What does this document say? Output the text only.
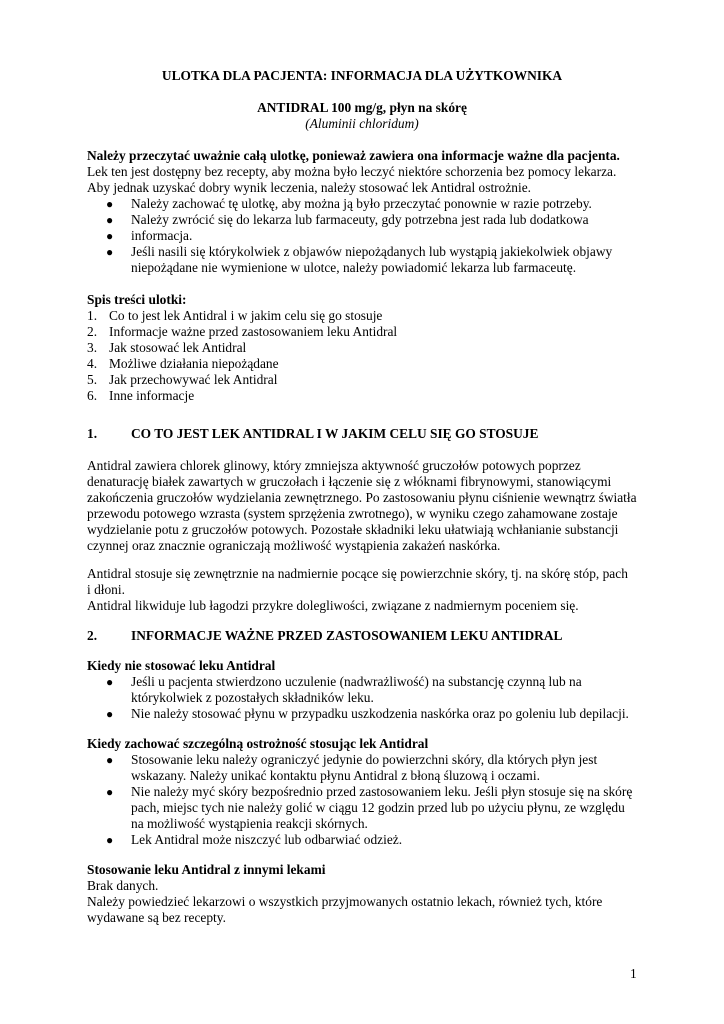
ULOTKA DLA PACJENTA: INFORMACJA DLA UŻYTKOWNIKA
ANTIDRAL 100 mg/g, płyn na skórę
(Aluminii chloridum)
Należy przeczytać uważnie całą ulotkę, ponieważ zawiera ona informacje ważne dla pacjenta.
Lek ten jest dostępny bez recepty, aby można było leczyć niektóre schorzenia bez pomocy lekarza.
Aby jednak uzyskać dobry wynik leczenia, należy stosować lek Antidral ostrożnie.
● Należy zachować tę ulotkę, aby można ją było przeczytać ponownie w razie potrzeby.
● Należy zwrócić się do lekarza lub farmaceuty, gdy potrzebna jest rada lub dodatkowa
● informacja.
● Jeśli nasili się którykolwiek z objawów niepożądanych lub wystąpią jakiekolwiek objawy
niepożądane nie wymienione w ulotce, należy powiadomić lekarza lub farmaceutę.
Spis treści ulotki:
1. Co to jest lek Antidral i w jakim celu się go stosuje
2. Informacje ważne przed zastosowaniem leku Antidral
3. Jak stosować lek Antidral
4. Możliwe działania niepożądane
5. Jak przechowywać lek Antidral
6. Inne informacje
1.	CO TO JEST LEK ANTIDRAL I W JAKIM CELU SIĘ GO STOSUJE
Antidral zawiera chlorek glinowy, który zmniejsza aktywność gruczołów potowych poprzez
denaturację białek zawartych w gruczołach i łączenie się z włóknami fibrynowymi, stanowiącymi
zakończenia gruczołów wydzielania zewnętrznego. Po zastosowaniu płynu ciśnienie wewnątrz światła
przewodu potowego wzrasta (system sprzężenia zwrotnego), w wyniku czego zahamowane zostaje
wydzielanie potu z gruczołów potowych. Pozostałe składniki leku ułatwiają wchłanianie substancji
czynnej oraz znacznie ograniczają możliwość wystąpienia zakażeń naskórka.
Antidral stosuje się zewnętrznie na nadmiernie pocące się powierzchnie skóry, tj. na skórę stóp, pach
i dłoni.
Antidral likwiduje lub łagodzi przykre dolegliwości, związane z nadmiernym poceniem się.
2.	INFORMACJE WAŻNE PRZED ZASTOSOWANIEM LEKU ANTIDRAL
Kiedy nie stosować leku Antidral
● Jeśli u pacjenta stwierdzono uczulenie (nadwrażliwość) na substancję czynną lub na
którykolwiek z pozostałych składników leku.
● Nie należy stosować płynu w przypadku uszkodzenia naskórka oraz po goleniu lub depilacji.
Kiedy zachować szczególną ostrożność stosując lek Antidral
● Stosowanie leku należy ograniczyć jedynie do powierzchni skóry, dla których płyn jest
wskazany. Należy unikać kontaktu płynu Antidral z błoną śluzową i oczami.
● Nie należy myć skóry bezpośrednio przed zastosowaniem leku. Jeśli płyn stosuje się na skórę
pach, miejsc tych nie należy golić w ciągu 12 godzin przed lub po użyciu płynu, ze względu
na możliwość wystąpienia reakcji skórnych.
● Lek Antidral może niszczyć lub odbarwiać odzież.
Stosowanie leku Antidral z innymi lekami
Brak danych.
Należy powiedzieć lekarzowi o wszystkich przyjmowanych ostatnio lekach, również tych, które
wydawane są bez recepty.
1
